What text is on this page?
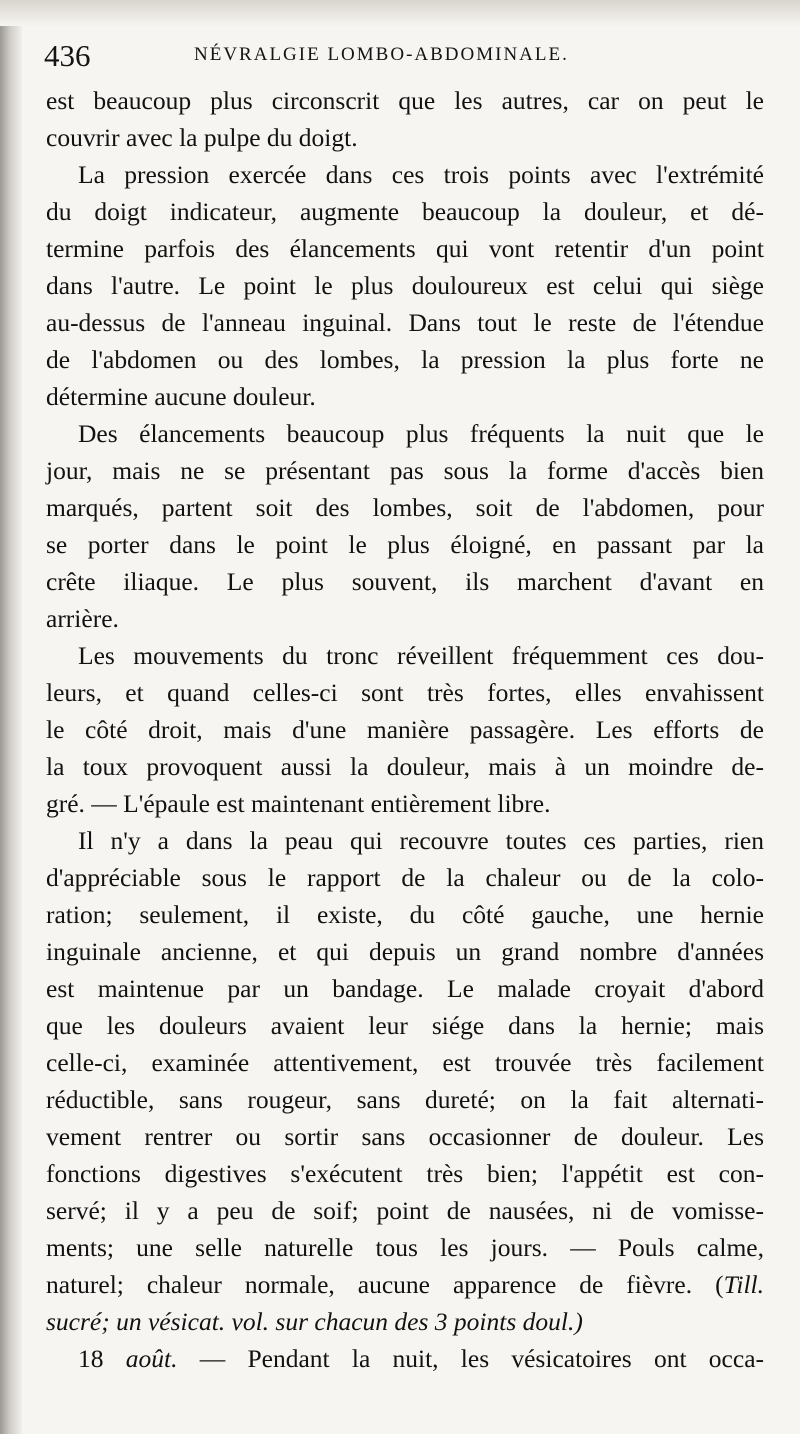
436	NÉVRALGIE LOMBO-ABDOMINALE.
est beaucoup plus circonscrit que les autres, car on peut le
couvrir avec la pulpe du doigt.
La pression exercée dans ces trois points avec l'extrémité
du doigt indicateur, augmente beaucoup la douleur, et dé-
termine parfois des élancements qui vont retentir d'un point
dans l'autre. Le point le plus douloureux est celui qui siège
au-dessus de l'anneau inguinal. Dans tout le reste de l'étendue
de l'abdomen ou des lombes, la pression la plus forte ne
détermine aucune douleur.
Des élancements beaucoup plus fréquents la nuit que le
jour, mais ne se présentant pas sous la forme d'accès bien
marqués, partent soit des lombes, soit de l'abdomen, pour
se porter dans le point le plus éloigné, en passant par la
crête iliaque. Le plus souvent, ils marchent d'avant en
arrière.
Les mouvements du tronc réveillent fréquemment ces dou-
leurs, et quand celles-ci sont très fortes, elles envahissent
le côté droit, mais d'une manière passagère. Les efforts de
la toux provoquent aussi la douleur, mais à un moindre de-
gré. — L'épaule est maintenant entièrement libre.
Il n'y a dans la peau qui recouvre toutes ces parties, rien
d'appréciable sous le rapport de la chaleur ou de la colo-
ration; seulement, il existe, du côté gauche, une hernie
inguinale ancienne, et qui depuis un grand nombre d'années
est maintenue par un bandage. Le malade croyait d'abord
que les douleurs avaient leur siége dans la hernie; mais
celle-ci, examinée attentivement, est trouvée très facilement
réductible, sans rougeur, sans dureté; on la fait alternati-
vement rentrer ou sortir sans occasionner de douleur. Les
fonctions digestives s'exécutent très bien; l'appétit est con-
servé; il y a peu de soif; point de nausées, ni de vomisse-
ments; une selle naturelle tous les jours. — Pouls calme,
naturel; chaleur normale, aucune apparence de fièvre. (Till.
sucré; un vésicat. vol. sur chacun des 3 points doul.)
18 août. — Pendant la nuit, les vésicatoires ont occa-
